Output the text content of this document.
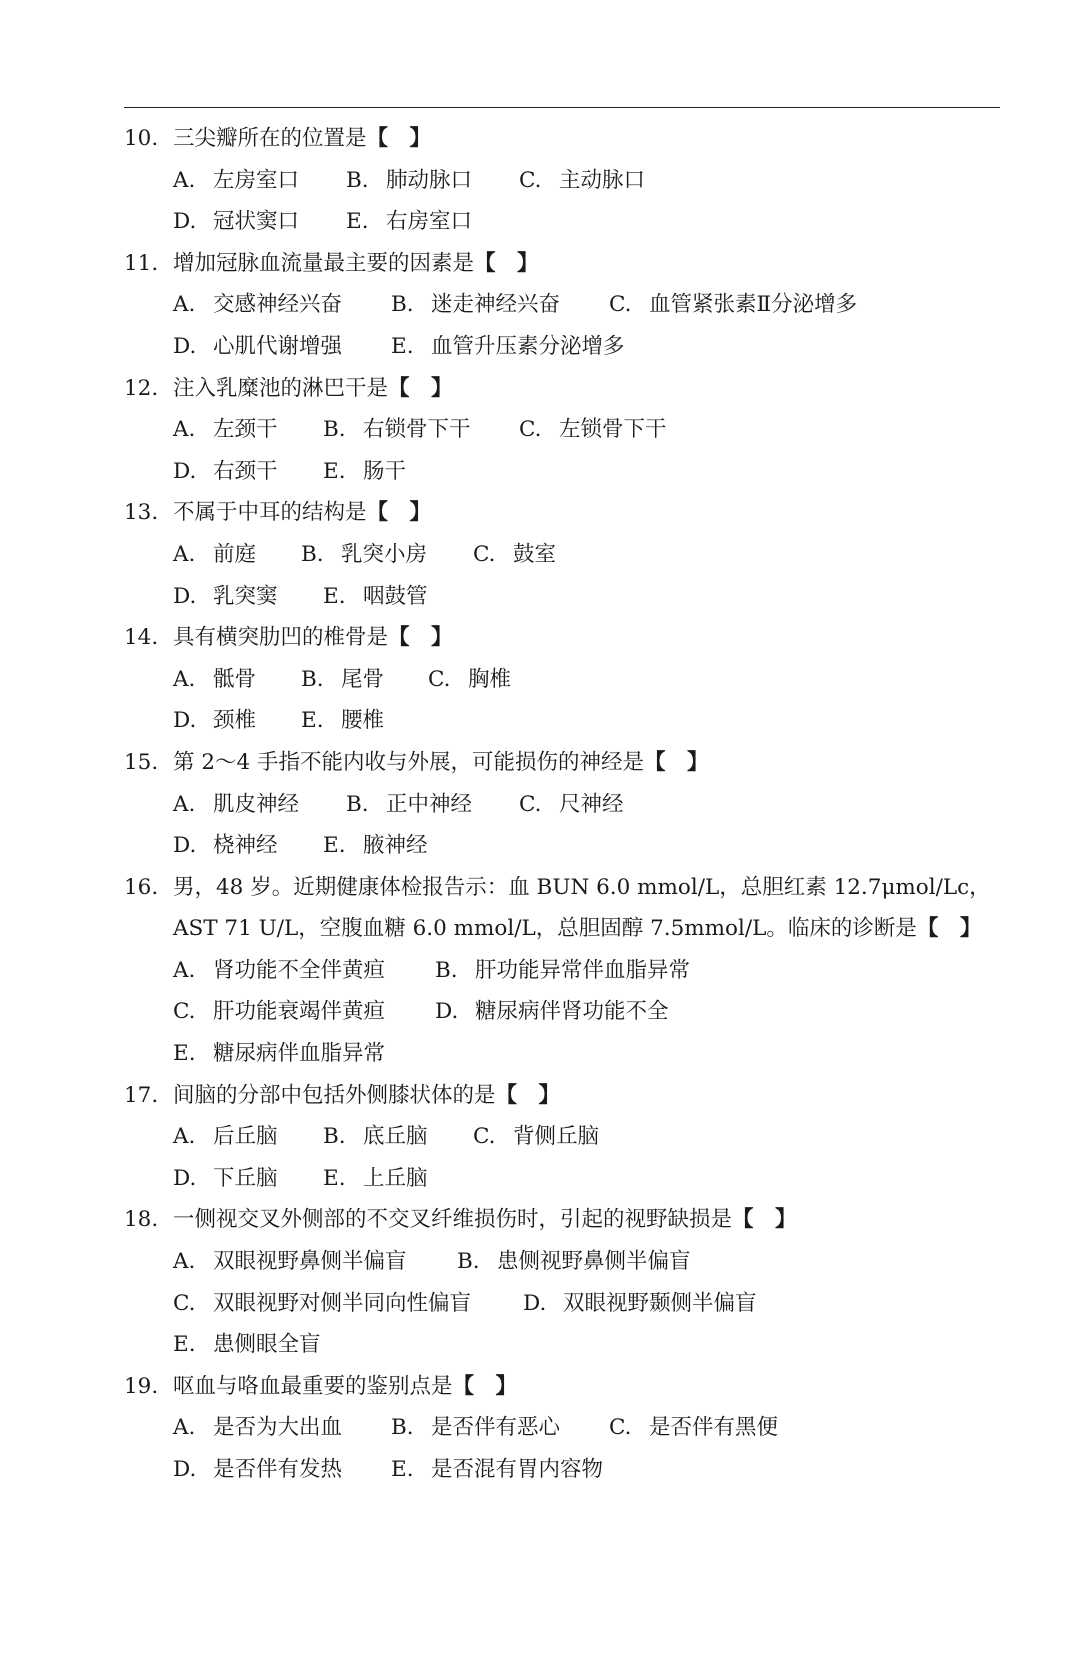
10. 三尖瓣所在的位置是【　】
A. 左房室口 B. 肺动脉口 C. 主动脉口
D. 冠状窦口 E. 右房室口
11. 增加冠脉血流量最主要的因素是【　】
A. 交感神经兴奋 B. 迷走神经兴奋 C. 血管紧张素Ⅱ分泌增多
D. 心肌代谢增强 E. 血管升压素分泌增多
12. 注入乳糜池的淋巴干是【　】
A. 左颈干 B. 右锁骨下干 C. 左锁骨下干
D. 右颈干 E. 肠干
13. 不属于中耳的结构是【　】
A. 前庭 B. 乳突小房 C. 鼓室
D. 乳突窦 E. 咽鼓管
14. 具有横突肋凹的椎骨是【　】
A. 骶骨 B. 尾骨 C. 胸椎
D. 颈椎 E. 腰椎
15. 第 2～4 手指不能内收与外展，可能损伤的神经是【　】
A. 肌皮神经 B. 正中神经 C. 尺神经
D. 桡神经 E. 腋神经
16. 男，48 岁。近期健康体检报告示：血 BUN 6.0 mmol/L，总胆红素 12.7μmol/Lc，
AST 71 U/L，空腹血糖 6.0 mmol/L，总胆固醇 7.5mmol/L。临床的诊断是【　】
A. 肾功能不全伴黄疸 B. 肝功能异常伴血脂异常
C. 肝功能衰竭伴黄疸 D. 糖尿病伴肾功能不全
E. 糖尿病伴血脂异常
17. 间脑的分部中包括外侧膝状体的是【　】
A. 后丘脑 B. 底丘脑 C. 背侧丘脑
D. 下丘脑 E. 上丘脑
18. 一侧视交叉外侧部的不交叉纤维损伤时，引起的视野缺损是【　】
A. 双眼视野鼻侧半偏盲 B. 患侧视野鼻侧半偏盲
C. 双眼视野对侧半同向性偏盲 D. 双眼视野颞侧半偏盲
E. 患侧眼全盲
19. 呕血与咯血最重要的鉴别点是【　】
A. 是否为大出血 B. 是否伴有恶心 C. 是否伴有黑便
D. 是否伴有发热 E. 是否混有胃内容物
